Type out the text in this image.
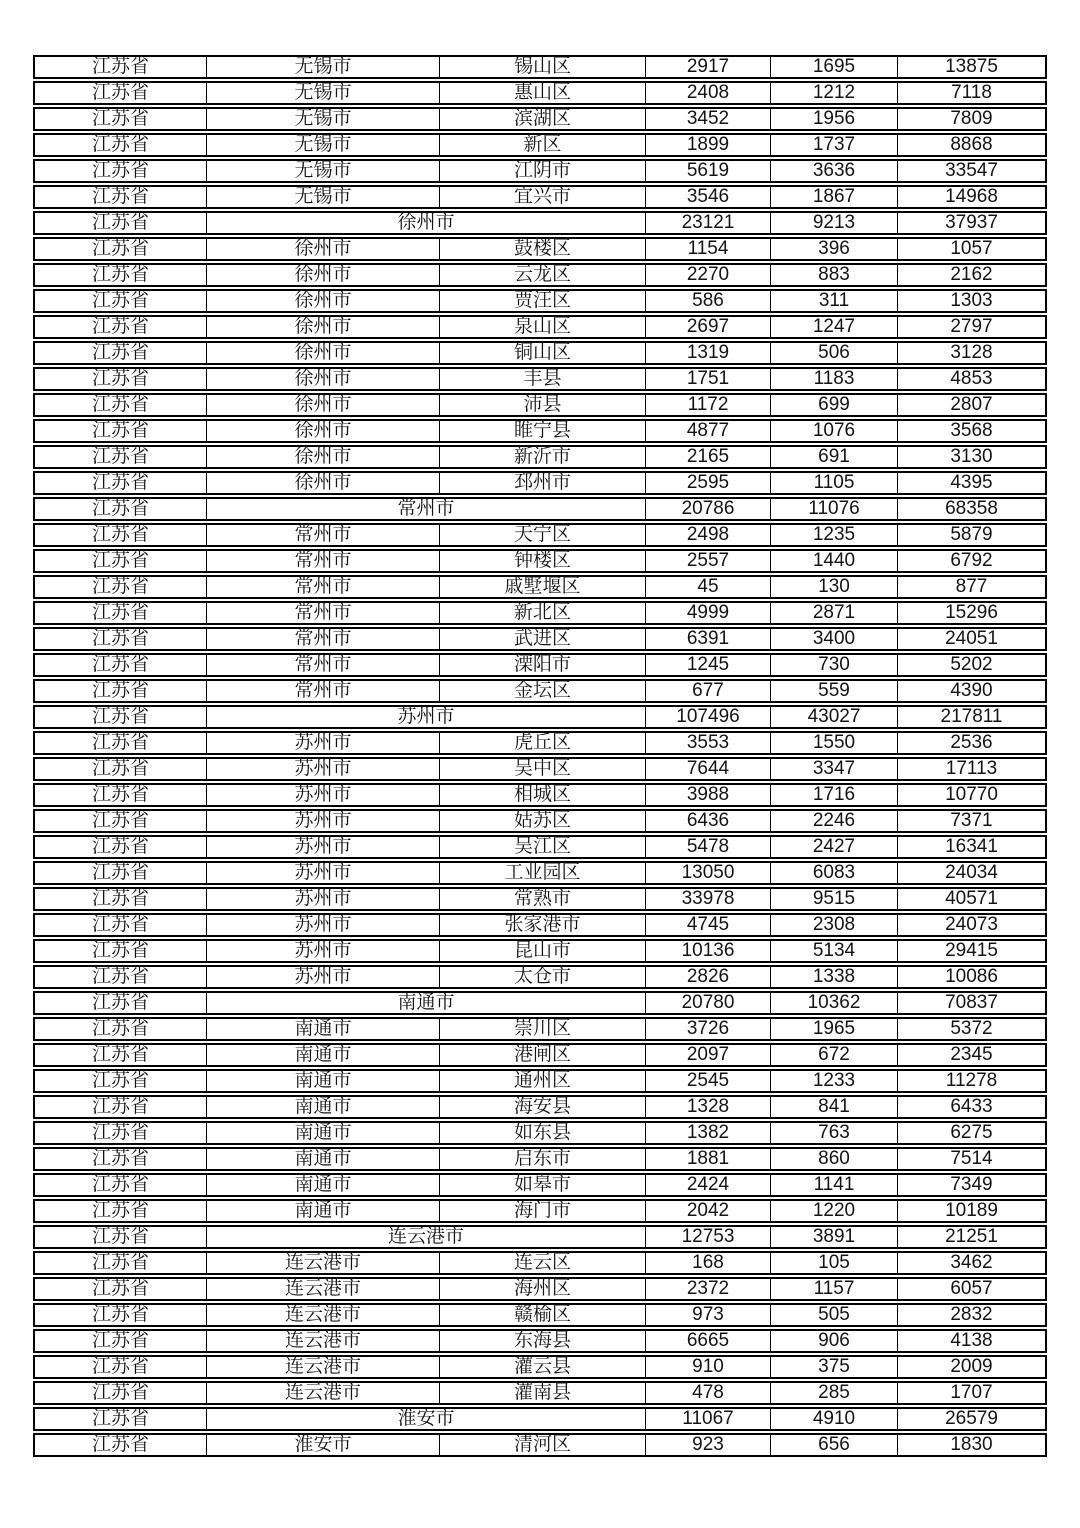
江苏省	无锡市	锡山区	2917	1695	13875
江苏省	无锡市	惠山区	2408	1212	7118
江苏省	无锡市	滨湖区	3452	1956	7809
江苏省	无锡市	新区	1899	1737	8868
江苏省	无锡市	江阴市	5619	3636	33547
江苏省	无锡市	宜兴市	3546	1867	14968
江苏省	徐州市		23121	9213	37937
江苏省	徐州市	鼓楼区	1154	396	1057
江苏省	徐州市	云龙区	2270	883	2162
江苏省	徐州市	贾汪区	586	311	1303
江苏省	徐州市	泉山区	2697	1247	2797
江苏省	徐州市	铜山区	1319	506	3128
江苏省	徐州市	丰县	1751	1183	4853
江苏省	徐州市	沛县	1172	699	2807
江苏省	徐州市	睢宁县	4877	1076	3568
江苏省	徐州市	新沂市	2165	691	3130
江苏省	徐州市	邳州市	2595	1105	4395
江苏省	常州市		20786	11076	68358
江苏省	常州市	天宁区	2498	1235	5879
江苏省	常州市	钟楼区	2557	1440	6792
江苏省	常州市	戚墅堰区	45	130	877
江苏省	常州市	新北区	4999	2871	15296
江苏省	常州市	武进区	6391	3400	24051
江苏省	常州市	溧阳市	1245	730	5202
江苏省	常州市	金坛区	677	559	4390
江苏省	苏州市		107496	43027	217811
江苏省	苏州市	虎丘区	3553	1550	2536
江苏省	苏州市	吴中区	7644	3347	17113
江苏省	苏州市	相城区	3988	1716	10770
江苏省	苏州市	姑苏区	6436	2246	7371
江苏省	苏州市	吴江区	5478	2427	16341
江苏省	苏州市	工业园区	13050	6083	24034
江苏省	苏州市	常熟市	33978	9515	40571
江苏省	苏州市	张家港市	4745	2308	24073
江苏省	苏州市	昆山市	10136	5134	29415
江苏省	苏州市	太仓市	2826	1338	10086
江苏省	南通市		20780	10362	70837
江苏省	南通市	崇川区	3726	1965	5372
江苏省	南通市	港闸区	2097	672	2345
江苏省	南通市	通州区	2545	1233	11278
江苏省	南通市	海安县	1328	841	6433
江苏省	南通市	如东县	1382	763	6275
江苏省	南通市	启东市	1881	860	7514
江苏省	南通市	如皋市	2424	1141	7349
江苏省	南通市	海门市	2042	1220	10189
江苏省	连云港市		12753	3891	21251
江苏省	连云港市	连云区	168	105	3462
江苏省	连云港市	海州区	2372	1157	6057
江苏省	连云港市	赣榆区	973	505	2832
江苏省	连云港市	东海县	6665	906	4138
江苏省	连云港市	灌云县	910	375	2009
江苏省	连云港市	灌南县	478	285	1707
江苏省	淮安市		11067	4910	26579
江苏省	淮安市	清河区	923	656	1830
